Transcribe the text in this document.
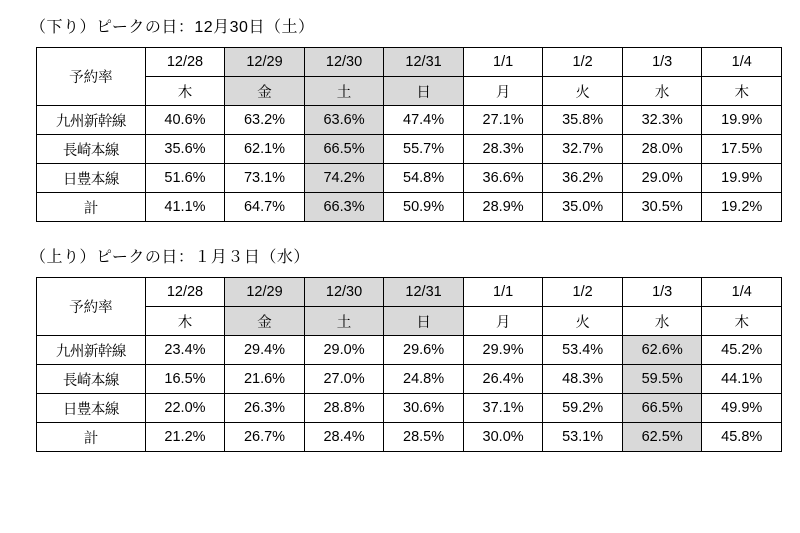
（下り）ピークの日：12月30日（土）
予約率	12/28	12/29	12/30	12/31	1/1	1/2	1/3	1/4
	木	金	土	日	月	火	水	木
九州新幹線	40.6%	63.2%	63.6%	47.4%	27.1%	35.8%	32.3%	19.9%
長崎本線	35.6%	62.1%	66.5%	55.7%	28.3%	32.7%	28.0%	17.5%
日豊本線	51.6%	73.1%	74.2%	54.8%	36.6%	36.2%	29.0%	19.9%
計	41.1%	64.7%	66.3%	50.9%	28.9%	35.0%	30.5%	19.2%
（上り）ピークの日：１月３日（水）
予約率	12/28	12/29	12/30	12/31	1/1	1/2	1/3	1/4
	木	金	土	日	月	火	水	木
九州新幹線	23.4%	29.4%	29.0%	29.6%	29.9%	53.4%	62.6%	45.2%
長崎本線	16.5%	21.6%	27.0%	24.8%	26.4%	48.3%	59.5%	44.1%
日豊本線	22.0%	26.3%	28.8%	30.6%	37.1%	59.2%	66.5%	49.9%
計	21.2%	26.7%	28.4%	28.5%	30.0%	53.1%	62.5%	45.8%
